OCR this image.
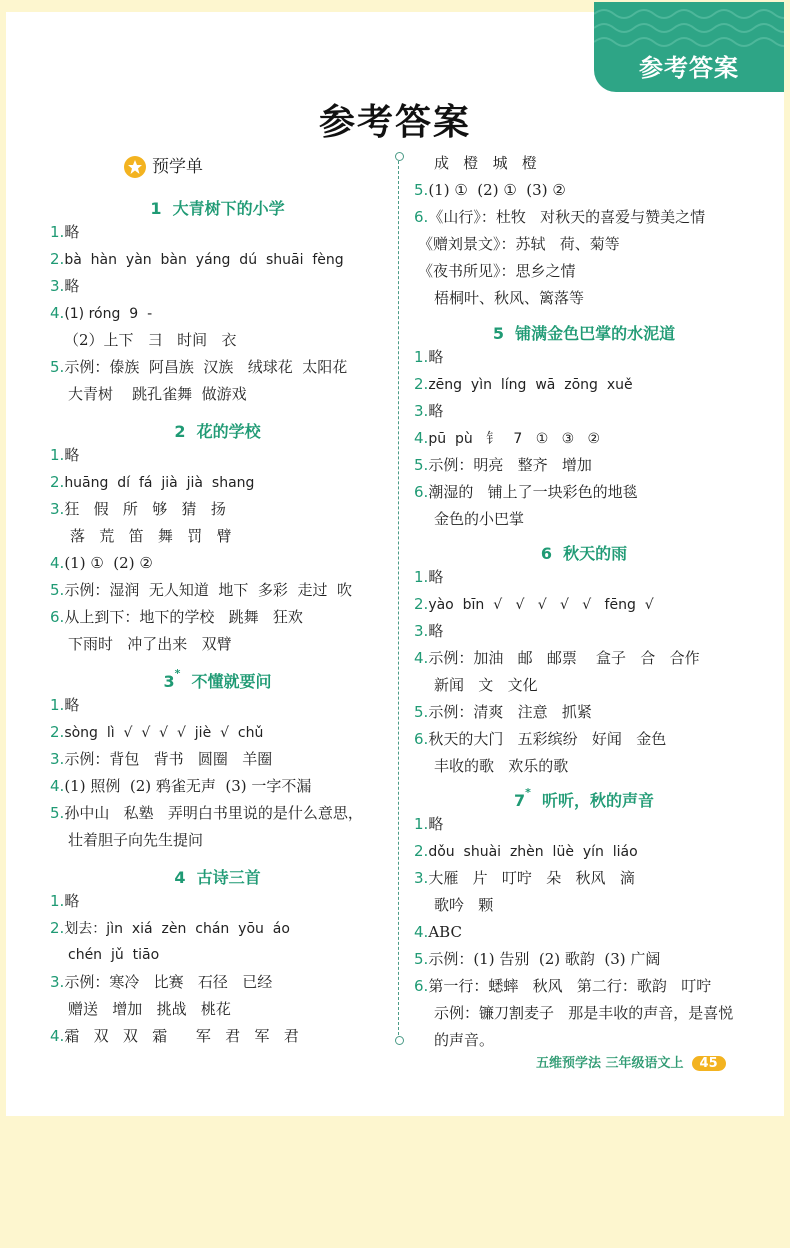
参考答案
参考答案
预学单
1  大青树下的小学
1.略
2.bà  hàn  yàn  bàn  yáng  dú  shuāi  fèng
3.略
4.(1) róng  9  ‐
（2）上下   ⺕   时间   衣
5.示例：傣族  阿昌族  汉族   绒球花  太阳花
大青树    跳孔雀舞  做游戏
2  花的学校
1.略
2.huāng  dí  fá  jià  jià  shang
3.狂   假   所   够   猜   扬
落   荒   笛   舞   罚   臂
4.(1) ①  (2) ②
5.示例：湿润  无人知道  地下  多彩  走过  吹
6.从上到下：地下的学校   跳舞   狂欢
下雨时   冲了出来   双臂
3*  不懂就要问
1.略
2.sòng  lì  √  √  √  √  jiè  √  chǔ
3.示例：背包   背书   圆圈   羊圈
4.(1) 照例  (2) 鸦雀无声  (3) 一字不漏
5.孙中山   私塾   弄明白书里说的是什么意思，
壮着胆子向先生提问
4  古诗三首
1.略
2.划去：jìn  xiá  zèn  chán  yōu  áo
chén  jǔ  tiāo
3.示例：寒冷   比赛   石径   已经
赠送   增加   挑战   桃花
4.霜   双   双   霜      军   君   军   君
成   橙   城   橙
5.(1) ①  (2) ①  (3) ②
6.《山行》：杜牧   对秋天的喜爱与赞美之情
《赠刘景文》：苏轼   荷、菊等
《夜书所见》：思乡之情
梧桐叶、秋风、篱落等
5  铺满金色巴掌的水泥道
1.略
2.zēng  yìn  líng  wā  zōng  xuě
3.略
4.pū  pù   钅   7   ①   ③   ②
5.示例：明亮   整齐   增加
6.潮湿的   铺上了一块彩色的地毯
金色的小巴掌
6  秋天的雨
1.略
2.yào  bīn  √   √   √   √   √   fēng  √
3.略
4.示例：加油   邮   邮票    盒子   合   合作
新闻   文   文化
5.示例：清爽   注意   抓紧
6.秋天的大门   五彩缤纷   好闻   金色
丰收的歌   欢乐的歌
7*  听听，秋的声音
1.略
2.dǒu  shuài  zhèn  lüè  yín  liáo
3.大雁   片   叮咛   朵   秋风   滴
歌吟   颗
4.ABC
5.示例：(1) 告别  (2) 歌韵  (3) 广阔
6.第一行：蟋蟀   秋风   第二行：歌韵   叮咛
示例：镰刀割麦子   那是丰收的声音，是喜悦
的声音。
五维预学法 三年级语文上 45
